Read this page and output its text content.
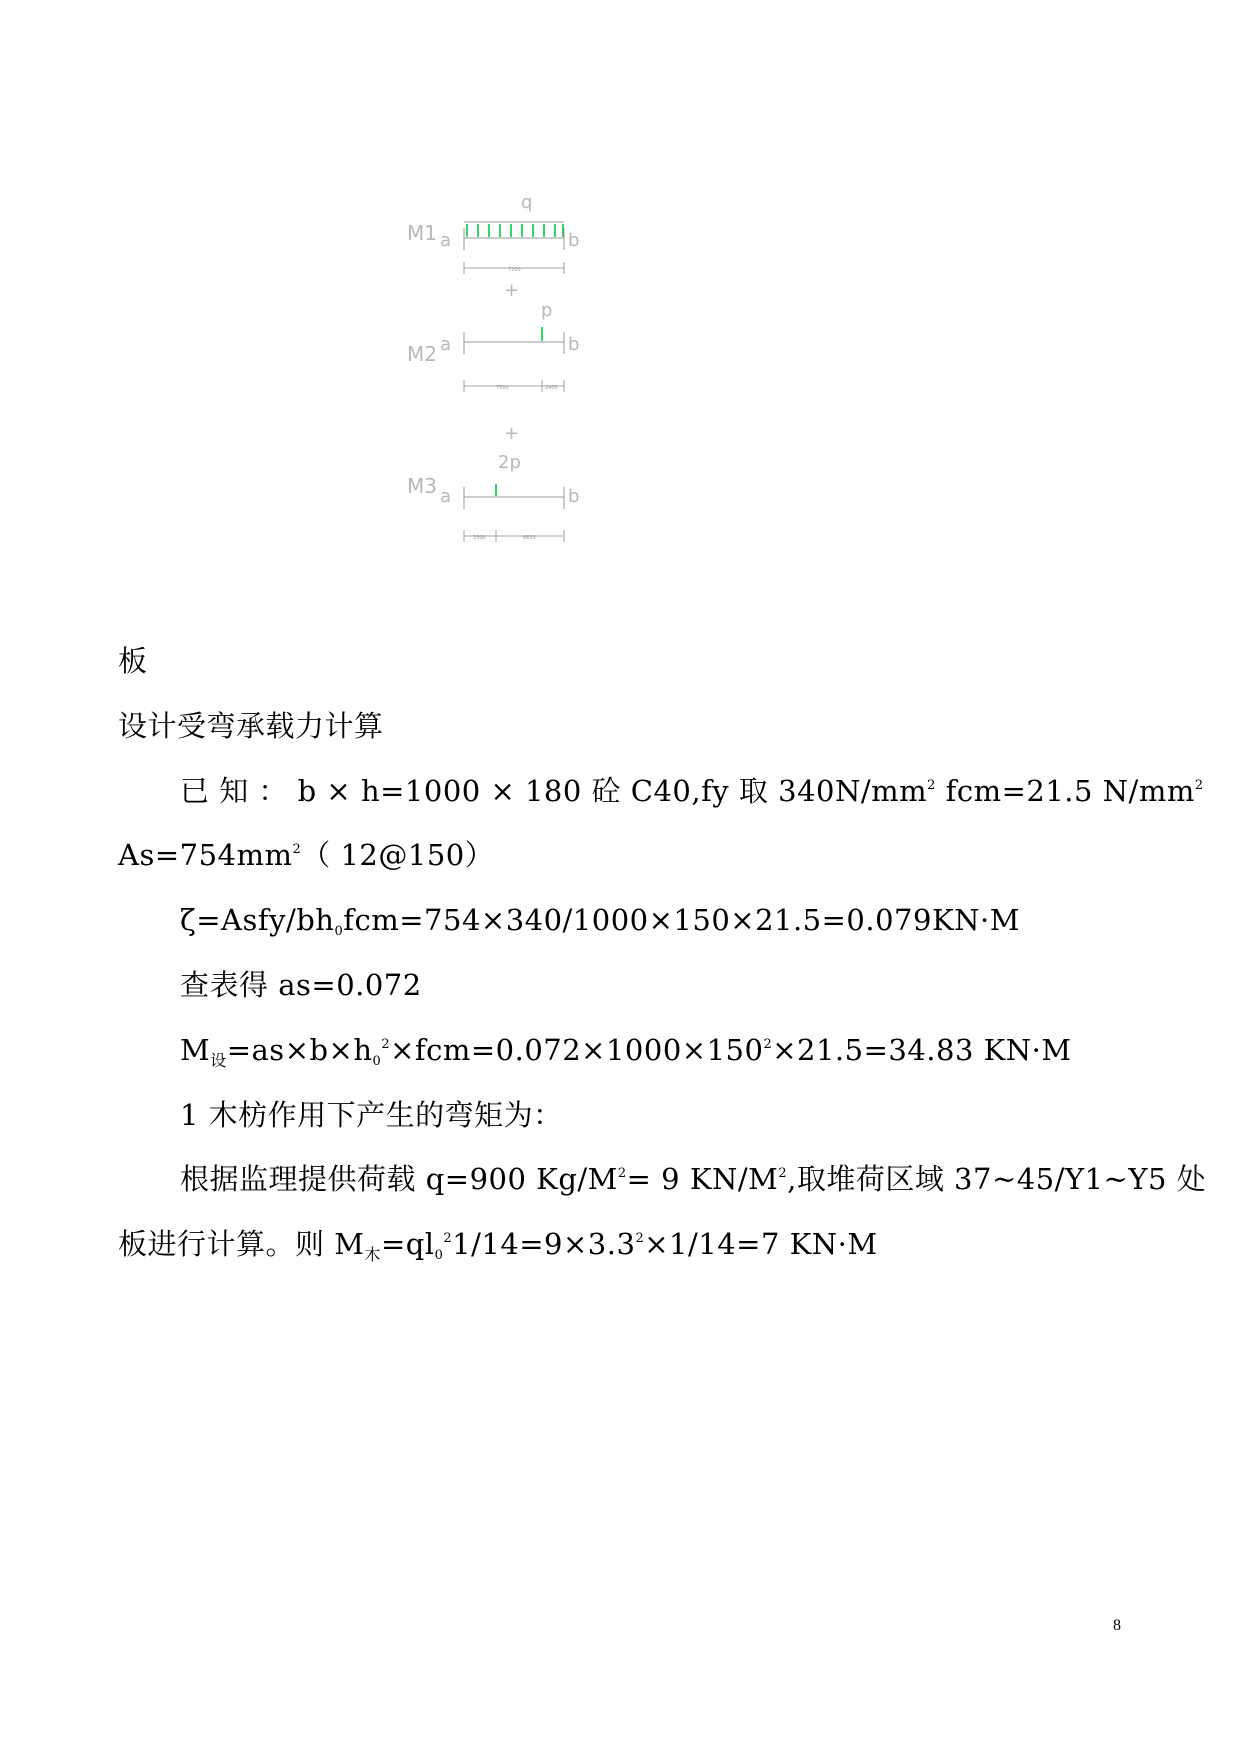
M1
q
a	b
7200
+
M2
p
a	b
7500	2400
+
M3
2p
a	b
3300	6630
板
设计受弯承载力计算
已 知 ： b × h=1000 × 180 砼 C40,fy 取 $340N/mm^2$ fcm=21.5 $N/mm^2$
$As=754mm^2$（ 12@150）
$\zeta=Asfy/bh_0fcm=754\times 340/1000\times 150\times 21.5=0.079KN\cdot M$
查表得 as=0.072
$M_设=as\times b\times h_0^2\times fcm=0.072\times 1000\times 150^2\times 21.5=34.83$ KN·M
1 木枋作用下产生的弯矩为：
根据监理提供荷载 q=900 $Kg/M^2= 9$ $KN/M^2$,取堆荷区域 37~45/Y1~Y5 处
板进行计算。则 $M_木=ql_0^21/14=9\times 3.3^2\times 1/14=7$ KN·M
8
